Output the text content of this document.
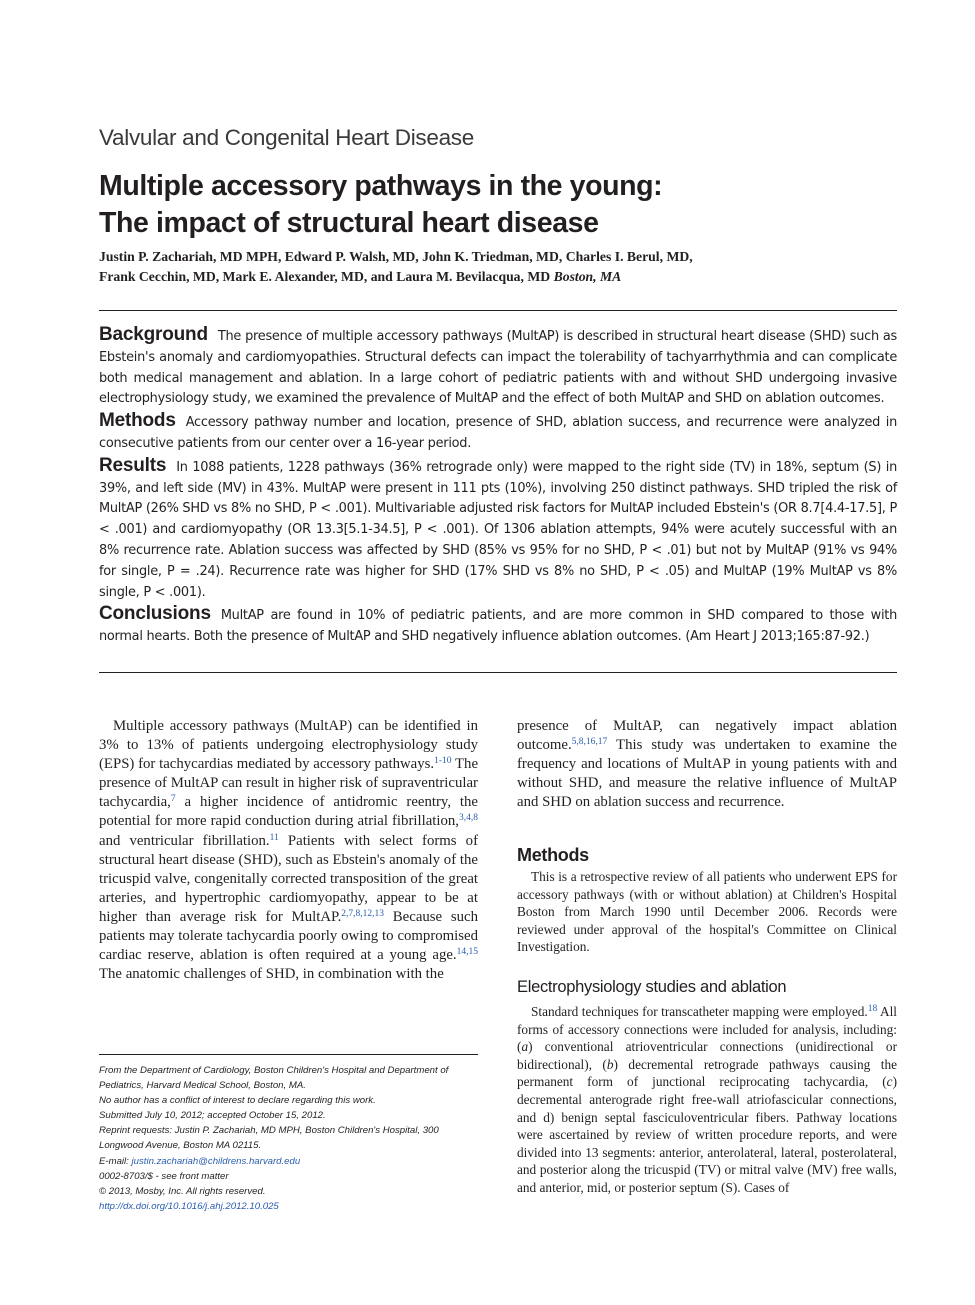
Valvular and Congenital Heart Disease
Multiple accessory pathways in the young:
The impact of structural heart disease
Justin P. Zachariah, MD MPH, Edward P. Walsh, MD, John K. Triedman, MD, Charles I. Berul, MD,
Frank Cecchin, MD, Mark E. Alexander, MD, and Laura M. Bevilacqua, MD Boston, MA

Background The presence of multiple accessory pathways (MultAP) is described in structural heart disease (SHD) such as Ebstein's anomaly and cardiomyopathies. Structural defects can impact the tolerability of tachyarrhythmia and can complicate both medical management and ablation. In a large cohort of pediatric patients with and without SHD undergoing invasive electrophysiology study, we examined the prevalence of MultAP and the effect of both MultAP and SHD on ablation outcomes.

Methods Accessory pathway number and location, presence of SHD, ablation success, and recurrence were analyzed in consecutive patients from our center over a 16-year period.

Results In 1088 patients, 1228 pathways (36% retrograde only) were mapped to the right side (TV) in 18%, septum (S) in 39%, and left side (MV) in 43%. MultAP were present in 111 pts (10%), involving 250 distinct pathways. SHD tripled the risk of MultAP (26% SHD vs 8% no SHD, P < .001). Multivariable adjusted risk factors for MultAP included Ebstein's (OR 8.7[4.4-17.5], P < .001) and cardiomyopathy (OR 13.3[5.1-34.5], P < .001). Of 1306 ablation attempts, 94% were acutely successful with an 8% recurrence rate. Ablation success was affected by SHD (85% vs 95% for no SHD, P < .01) but not by MultAP (91% vs 94% for single, P = .24). Recurrence rate was higher for SHD (17% SHD vs 8% no SHD, P < .05) and MultAP (19% MultAP vs 8% single, P < .001).

Conclusions MultAP are found in 10% of pediatric patients, and are more common in SHD compared to those with normal hearts. Both the presence of MultAP and SHD negatively influence ablation outcomes. (Am Heart J 2013;165:87-92.)

Multiple accessory pathways (MultAP) can be identified in 3% to 13% of patients undergoing electrophysiology study (EPS) for tachycardias mediated by accessory pathways.$^{1-10}$ The presence of MultAP can result in higher risk of supraventricular tachycardia,$^7$ a higher incidence of antidromic reentry, the potential for more rapid conduction during atrial fibrillation,$^{3,4,8}$ and ventricular fibrillation.$^{11}$ Patients with select forms of structural heart disease (SHD), such as Ebstein's anomaly of the tricuspid valve, congenitally corrected transposition of the great arteries, and hypertrophic cardiomyopathy, appear to be at higher than average risk for MultAP.$^{2,7,8,12,13}$ Because such patients may tolerate tachycardia poorly owing to compromised cardiac reserve, ablation is often required at a young age.$^{14,15}$ The anatomic challenges of SHD, in combination with the

presence of MultAP, can negatively impact ablation outcome.$^{5,8,16,17}$ This study was undertaken to examine the frequency and locations of MultAP in young patients with and without SHD, and measure the relative influence of MultAP and SHD on ablation success and recurrence.

Methods

This is a retrospective review of all patients who underwent EPS for accessory pathways (with or without ablation) at Children's Hospital Boston from March 1990 until December 2006. Records were reviewed under approval of the hospital's Committee on Clinical Investigation.

Electrophysiology studies and ablation

Standard techniques for transcatheter mapping were employed.$^{18}$ All forms of accessory connections were included for analysis, including: (a) conventional atrioventricular connections (unidirectional or bidirectional), (b) decremental retrograde pathways causing the permanent form of junctional reciprocating tachycardia, (c) decremental anterograde right free-wall atriofascicular connections, and d) benign septal fasciculoventricular fibers. Pathway locations were ascertained by review of written procedure reports, and were divided into 13 segments: anterior, anterolateral, lateral, posterolateral, and posterior along the tricuspid (TV) or mitral valve (MV) free walls, and anterior, mid, or posterior septum (S). Cases of

From the Department of Cardiology, Boston Children's Hospital and Department of Pediatrics, Harvard Medical School, Boston, MA.
No author has a conflict of interest to declare regarding this work.
Submitted July 10, 2012; accepted October 15, 2012.
Reprint requests: Justin P. Zachariah, MD MPH, Boston Children's Hospital, 300 Longwood Avenue, Boston MA 02115.
E-mail: justin.zachariah@childrens.harvard.edu
0002-8703/$ - see front matter
© 2013, Mosby, Inc. All rights reserved.
http://dx.doi.org/10.1016/j.ahj.2012.10.025
